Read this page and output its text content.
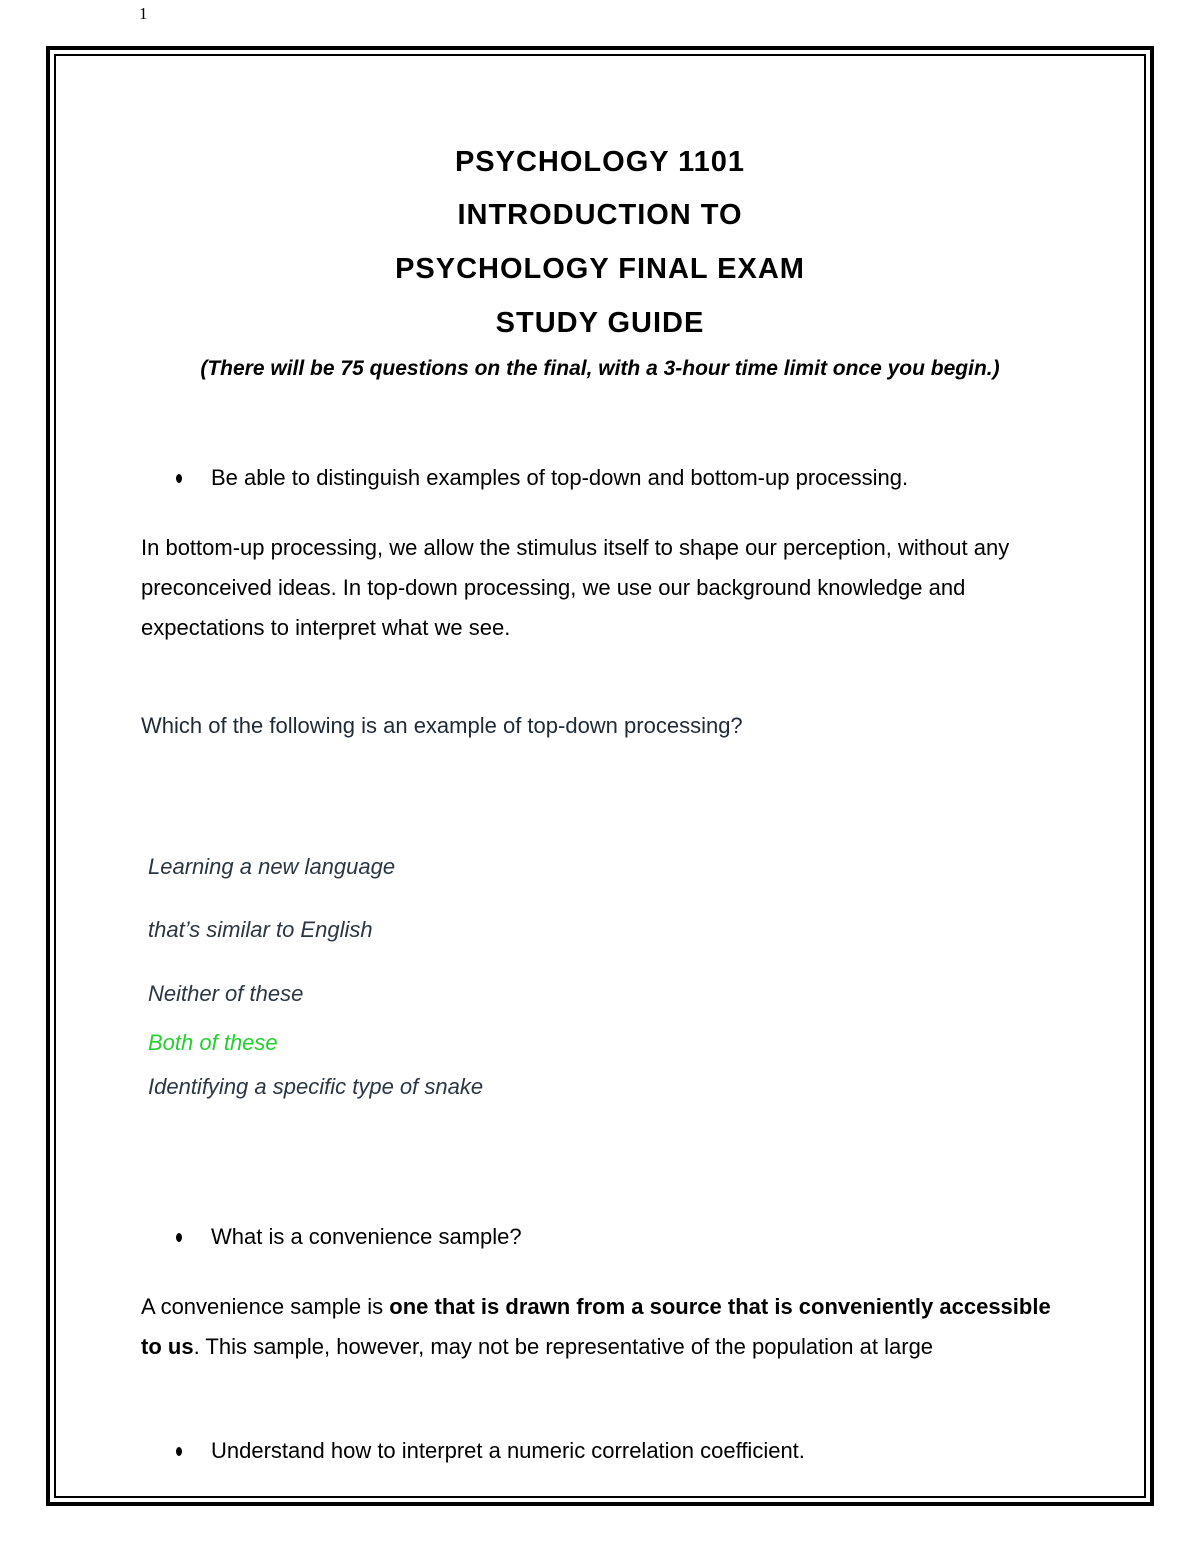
1
PSYCHOLOGY 1101
INTRODUCTION TO
PSYCHOLOGY FINAL EXAM
STUDY GUIDE
(There will be 75 questions on the final, with a 3-hour time limit once you begin.)
Be able to distinguish examples of top-down and bottom-up processing.
In bottom-up processing, we allow the stimulus itself to shape our perception, without any preconceived ideas. In top-down processing, we use our background knowledge and expectations to interpret what we see.
Which of the following is an example of top-down processing?
Learning a new language
that’s similar to English
Neither of these
Both of these
Identifying a specific type of snake
What is a convenience sample?
A convenience sample is one that is drawn from a source that is conveniently accessible to us. This sample, however, may not be representative of the population at large
Understand how to interpret a numeric correlation coefficient.
